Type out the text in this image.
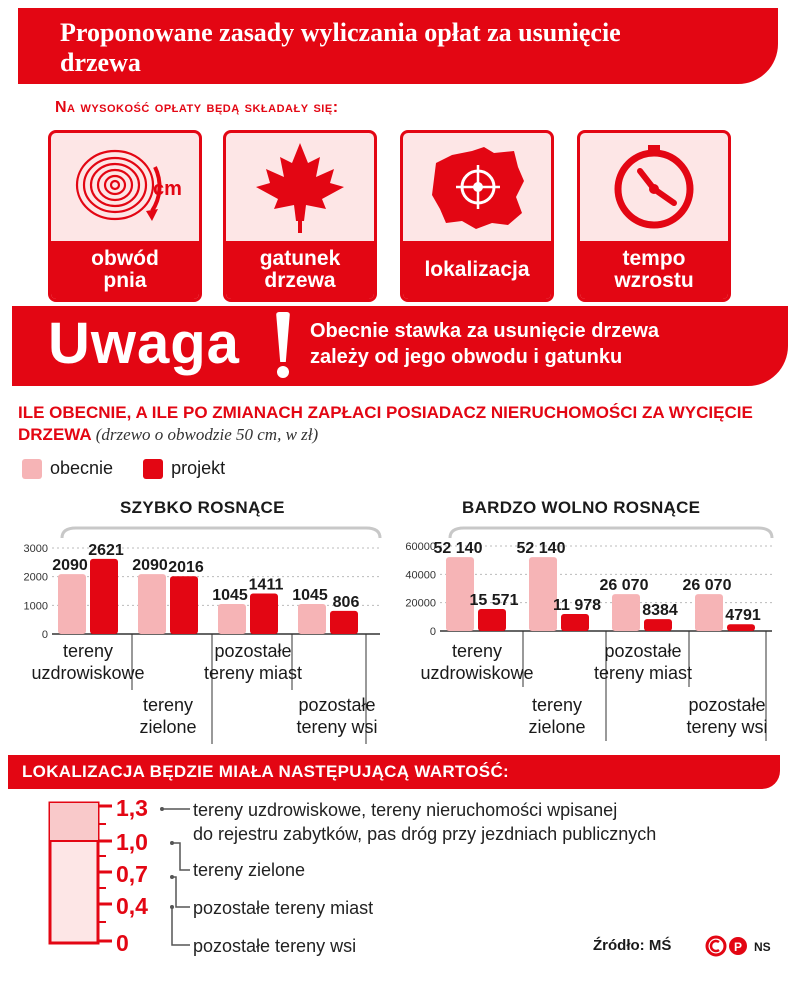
Proponowane zasady wyliczania opłat za usunięcie drzewa
Na wysokość opłaty będą składały się:
cm
obwód
pnia
gatunek
drzewa	lokalizacja	tempo
wzrostu
Uwaga	Obecnie stawka za usunięcie drzewa
zależy od jego obwodu i gatunku
ILE OBECNIE, A ILE PO ZMIANACH ZAPŁACI POSIADACZ NIERUCHOMOŚCI ZA WYCIĘCIE DRZEWA (drzewo o obwodzie 50 cm, w zł)
obecnie	projekt
SZYBKO ROSNĄCE	BARDZO WOLNO ROSNĄCE
0
1000
2000
3000
2090
2621
2090 2016
1045
1411
1045 806
0
20000
40000
60000
52 140
15 571
52 140
11 978
26 070
8384
26 070
4791
tereny
uzdrowiskowe
tereny
zielone
pozostałe
tereny miast
pozostałe
tereny wsi
tereny
uzdrowiskowe
tereny
zielone
pozostałe
tereny miast
pozostałe
tereny wsi
LOKALIZACJA BĘDZIE MIAŁA NASTĘPUJĄCĄ WARTOŚĆ:
1,3
1,0
0,7
0,4
0
tereny uzdrowiskowe, tereny nieruchomości wpisanej
do rejestru zabytków, pas dróg przy jezdniach publicznych
tereny zielone
pozostałe tereny miast
pozostałe tereny wsi	Źródło: MŚ	P NS
